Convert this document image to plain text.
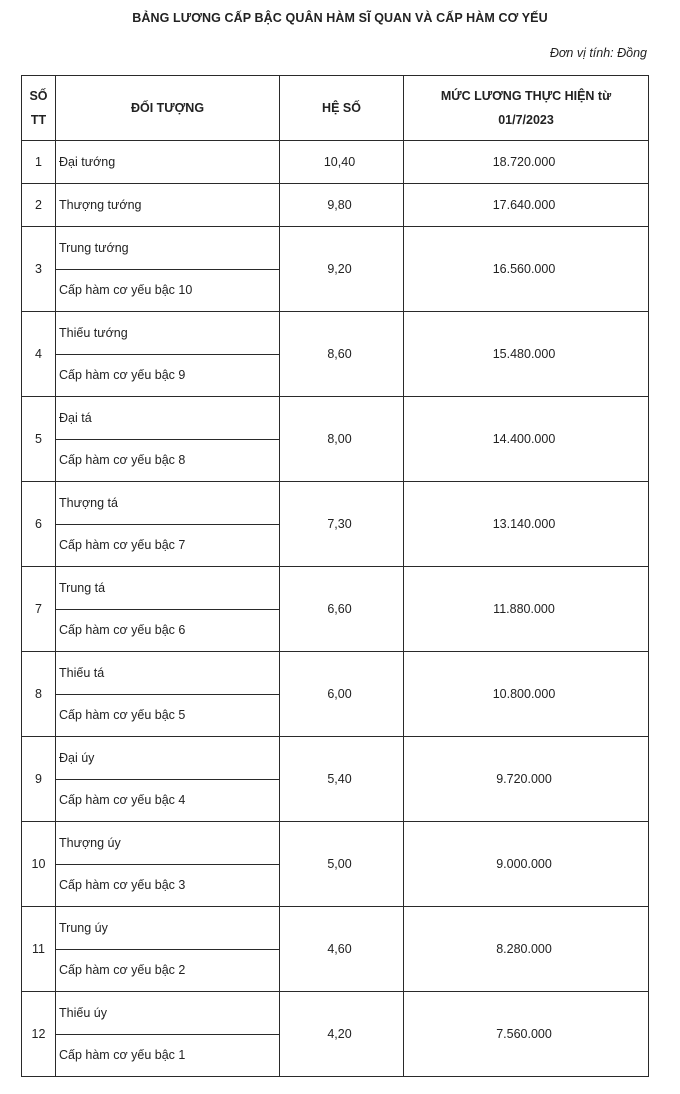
BẢNG LƯƠNG CẤP BẬC QUÂN HÀM SĨ QUAN VÀ CẤP HÀM CƠ YẾU
Đơn vị tính: Đồng
SỐ
TT	ĐỐI TƯỢNG	HỆ SỐ	MỨC LƯƠNG THỰC HIỆN từ
01/7/2023
1	Đại tướng	10,40	18.720.000
2	Thượng tướng	9,80	17.640.000
3	Trung tướng	9,20	16.560.000
	Cấp hàm cơ yếu bậc 10		
4	Thiếu tướng	8,60	15.480.000
	Cấp hàm cơ yếu bậc 9		
5	Đại tá	8,00	14.400.000
	Cấp hàm cơ yếu bậc 8		
6	Thượng tá	7,30	13.140.000
	Cấp hàm cơ yếu bậc 7		
7	Trung tá	6,60	11.880.000
	Cấp hàm cơ yếu bậc 6		
8	Thiếu tá	6,00	10.800.000
	Cấp hàm cơ yếu bậc 5		
9	Đại úy	5,40	9.720.000
	Cấp hàm cơ yếu bậc 4		
10	Thượng úy	5,00	9.000.000
	Cấp hàm cơ yếu bậc 3		
11	Trung úy	4,60	8.280.000
	Cấp hàm cơ yếu bậc 2		
12	Thiếu úy	4,20	7.560.000
	Cấp hàm cơ yếu bậc 1		
